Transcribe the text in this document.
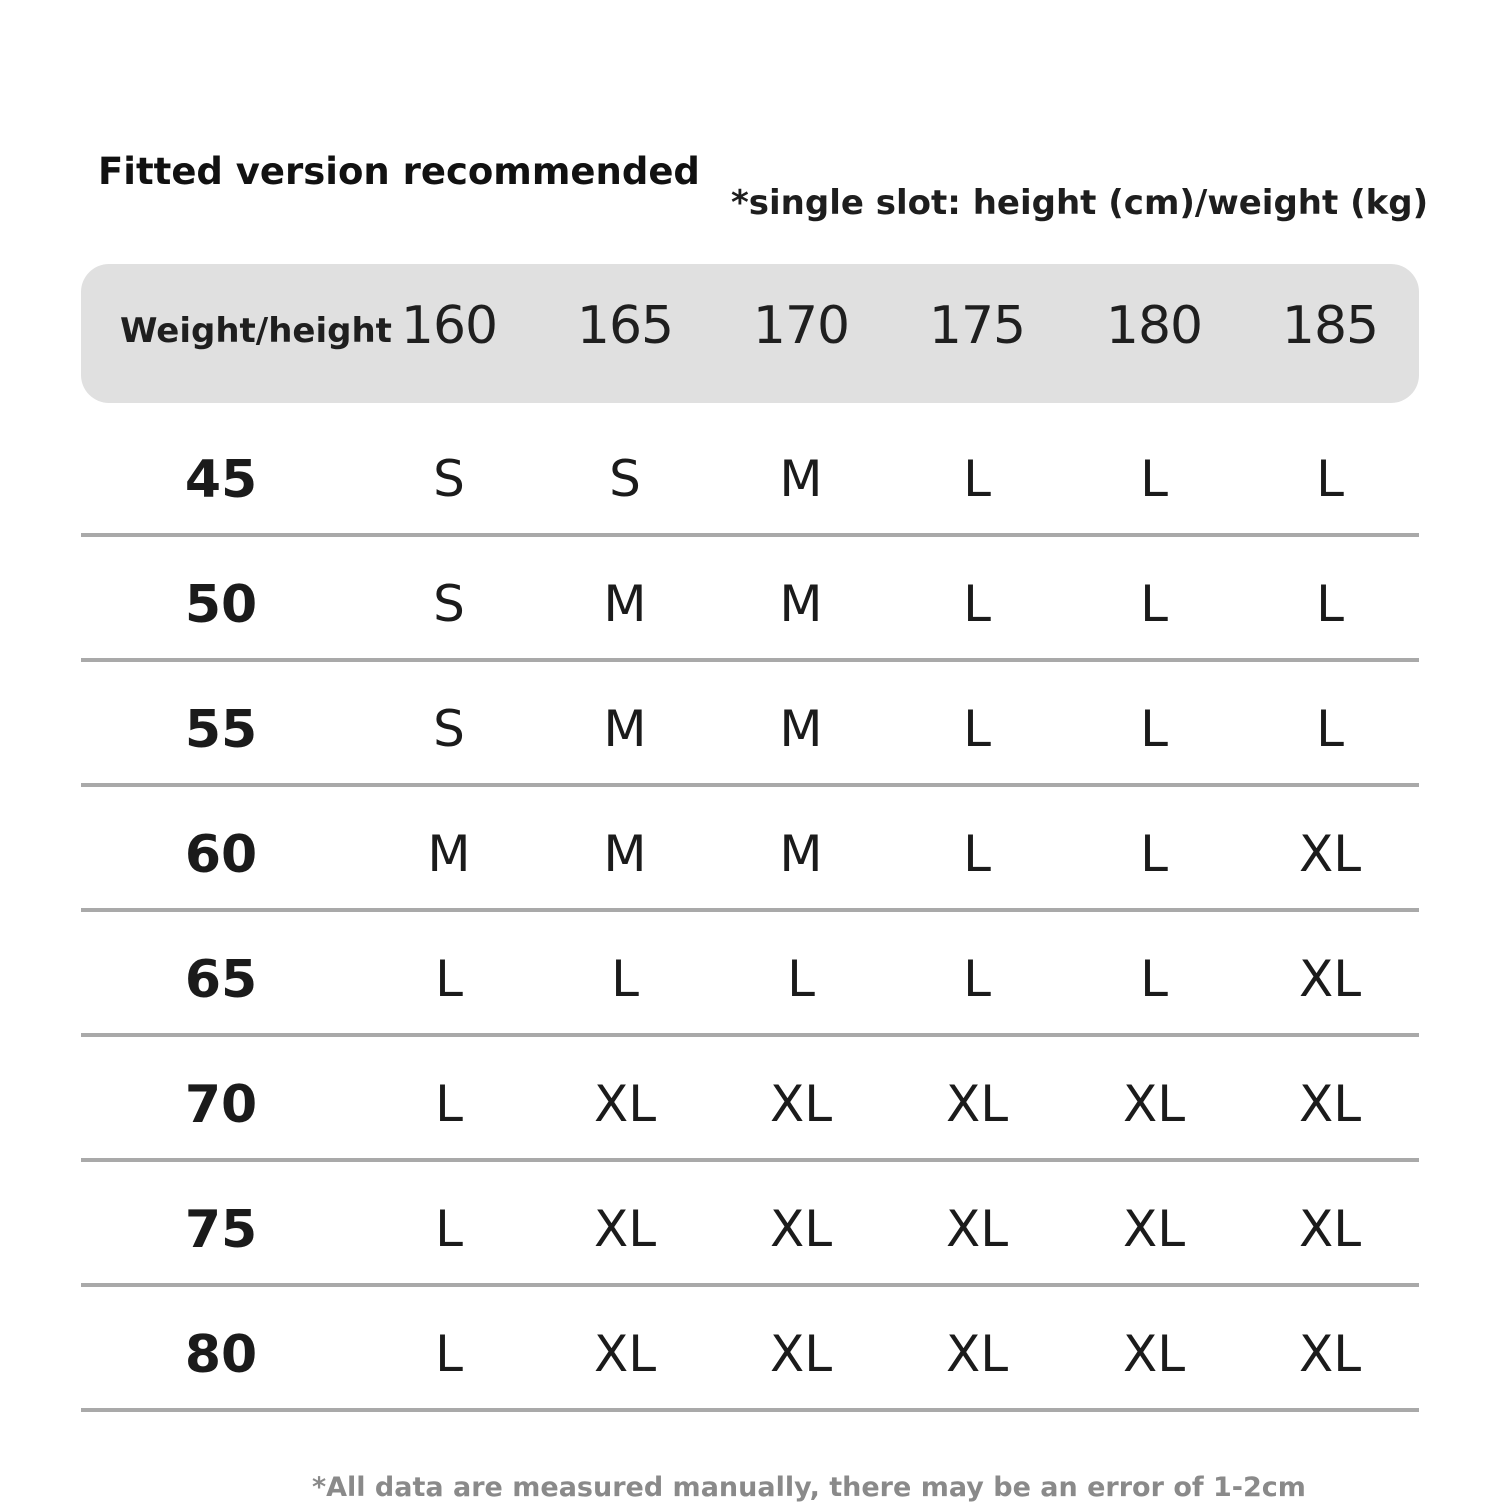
Fitted version recommended
*single slot: height (cm)/weight (kg)
Weight/height 160	165	170	175	180	185
45	S	S	M	L	L	L
50	S	M	M	L	L	L
55	S	M	M	L	L	L
60	M	M	M	L	L	XL
65	L	L	L	L	L	XL
70	L	XL	XL	XL	XL	XL
75	L	XL	XL	XL	XL	XL
80	L	XL	XL	XL	XL	XL
*All data are measured manually, there may be an error of 1-2cm
